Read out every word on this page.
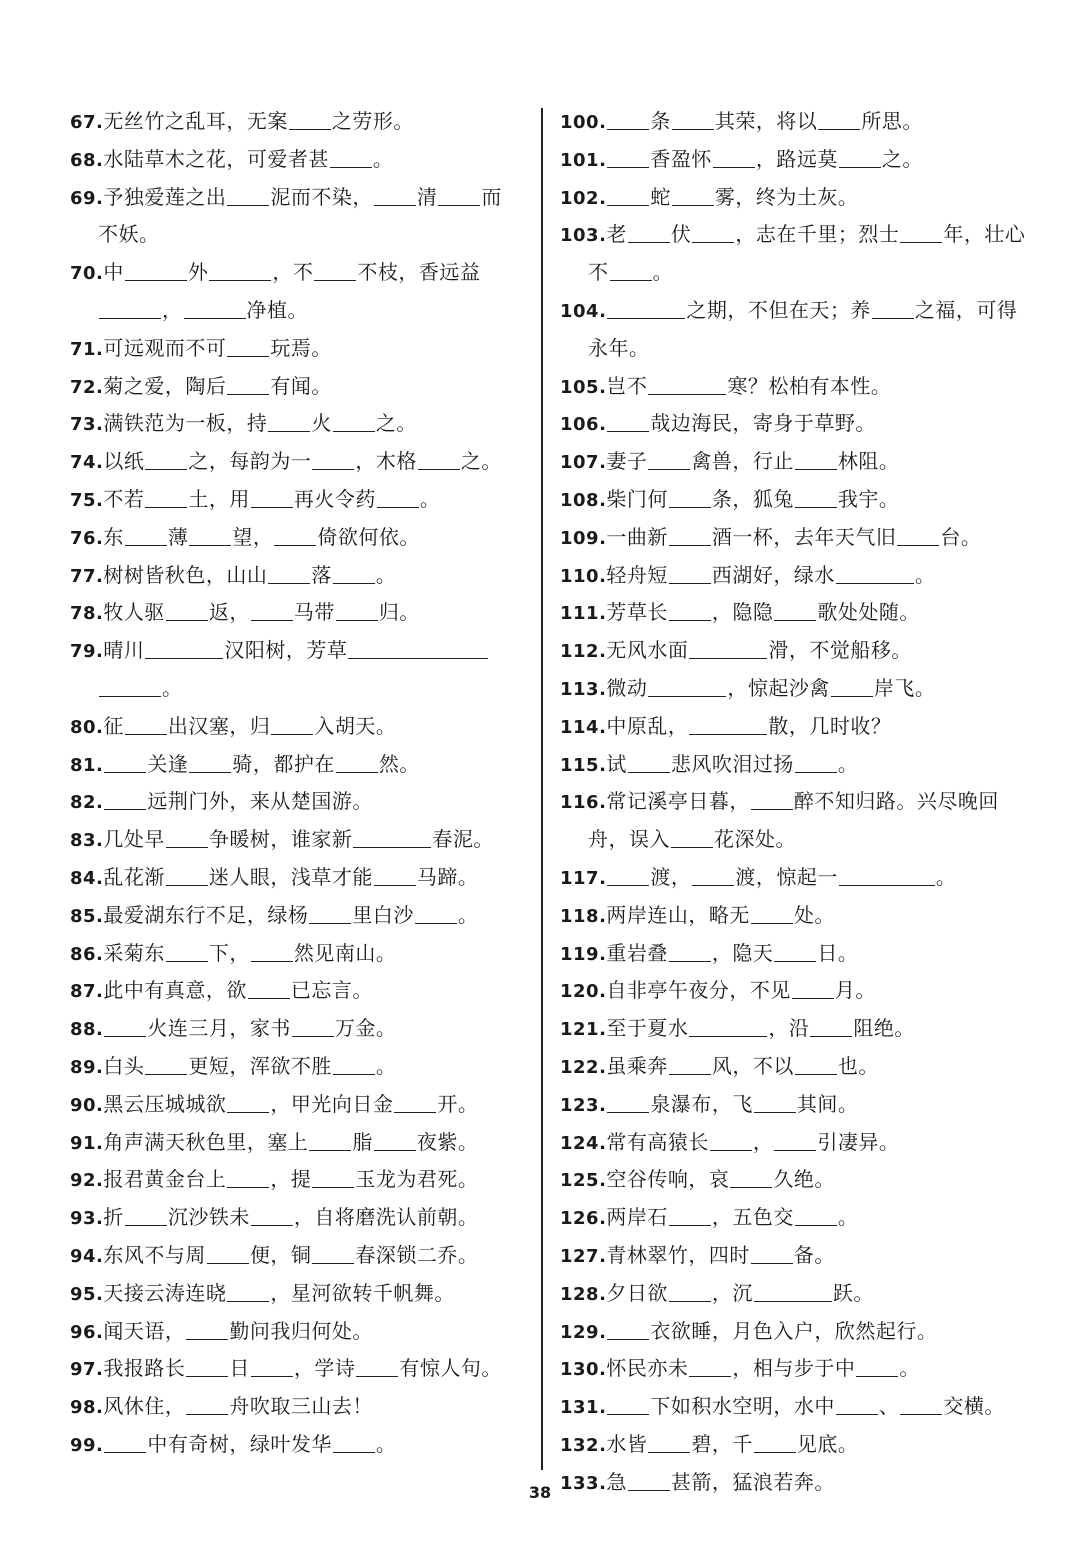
67.无丝竹之乱耳，无案 之劳形。
68.水陆草木之花，可爱者甚 。
69.予独爱莲之出 泥而不染， 清 而
不妖。
70.中	外	，不 不枝，香远益
，	净植。
71.可远观而不可 玩焉。
72.菊之爱，陶后 有闻。
73.满铁范为一板，持 火 之。
74.以纸 之，每韵为一 ，木格 之。
75.不若 土，用 再火令药 。
76.东 薄 望， 倚欲何依。
77.树树皆秋色，山山 落 。
78.牧人驱 返， 马带 归。
79.晴川	汉阳树，芳草
。
80.征 出汉塞，归 入胡天。
81. 关逢 骑，都护在 然。
82. 远荆门外，来从楚国游。
83.几处早 争暖树，谁家新	春泥。
84.乱花渐 迷人眼，浅草才能 马蹄。
85.最爱湖东行不足，绿杨 里白沙 。
86.采菊东 下， 然见南山。
87.此中有真意，欲 已忘言。
88. 火连三月，家书 万金。
89.白头 更短，浑欲不胜 。
90.黑云压城城欲 ，甲光向日金 开。
91.角声满天秋色里，塞上 脂 夜紫。
92.报君黄金台上 ，提 玉龙为君死。
93.折 沉沙铁未 ，自将磨洗认前朝。
94.东风不与周 便，铜 春深锁二乔。
95.天接云涛连晓 ，星河欲转千帆舞。
96.闻天语， 勤问我归何处。
97.我报路长 日 ，学诗 有惊人句。
98.风休住， 舟吹取三山去！
99. 中有奇树，绿叶发华 。
100. 条 其荣，将以 所思。
101. 香盈怀 ，路远莫 之。
102. 蛇 雾，终为土灰。
103.老 伏 ，志在千里；烈士 年，壮心
不 。
104.	之期，不但在天；养 之福，可得
永年。
105.岂不	寒？松柏有本性。
106. 哉边海民，寄身于草野。
107.妻子 禽兽，行止 林阻。
108.柴门何 条，狐兔 我宇。
109.一曲新 酒一杯，去年天气旧 台。
110.轻舟短 西湖好，绿水	。
111.芳草长 ，隐隐 歌处处随。
112.无风水面	滑，不觉船移。
113.微动	，惊起沙禽 岸飞。
114.中原乱，	散，几时收？
115.试 悲风吹泪过扬 。
116.常记溪亭日暮， 醉不知归路。兴尽晚回
舟，误入 花深处。
117. 渡， 渡，惊起一	。
118.两岸连山，略无 处。
119.重岩叠 ，隐天 日。
120.自非亭午夜分，不见 月。
121.至于夏水	，沿 阻绝。
122.虽乘奔 风，不以 也。
123. 泉瀑布，飞 其间。
124.常有高猿长 ， 引凄异。
125.空谷传响，哀 久绝。
126.两岸石 ，五色交 。
127.青林翠竹，四时 备。
128.夕日欲 ，沉	跃。
129. 衣欲睡，月色入户，欣然起行。
130.怀民亦未 ，相与步于中 。
131. 下如积水空明，水中 、 交横。
132.水皆 碧，千 见底。
133.急 甚箭，猛浪若奔。
38
